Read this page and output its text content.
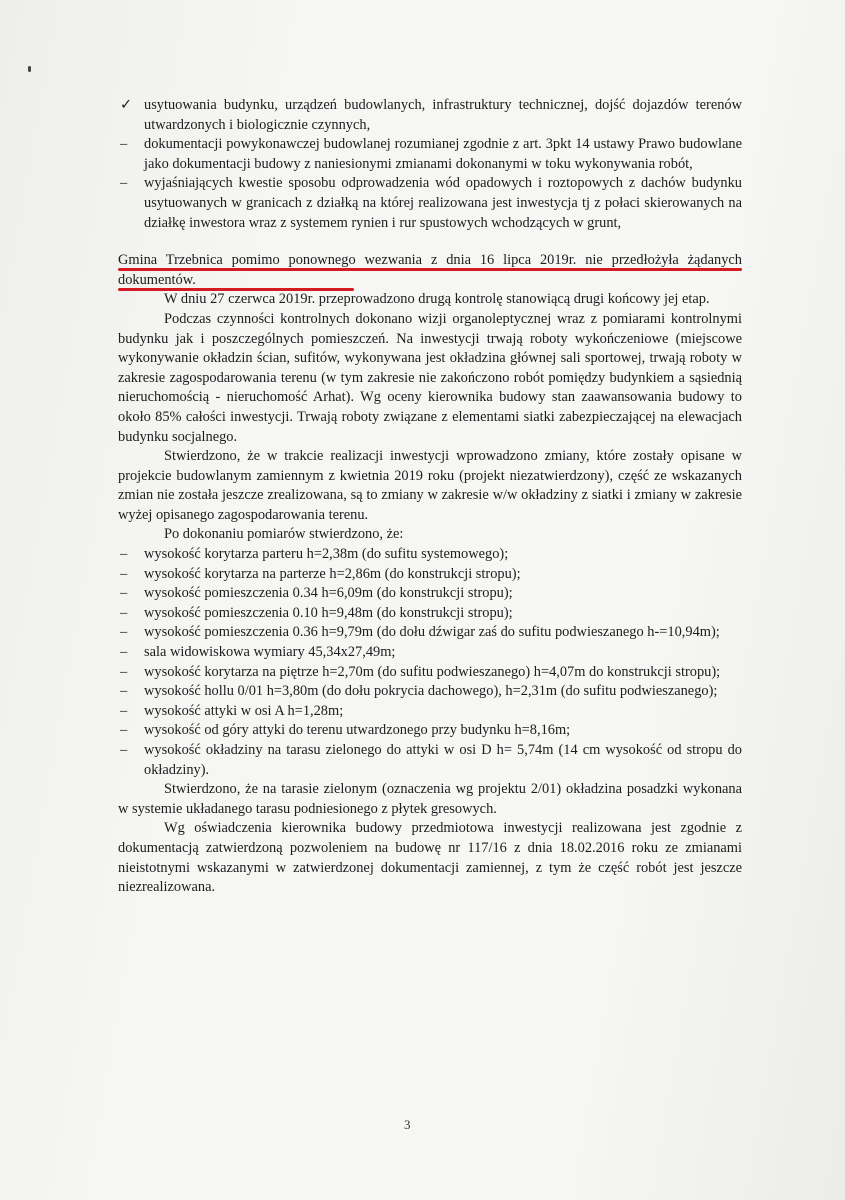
✓ usytuowania budynku, urządzeń budowlanych, infrastruktury technicznej, dojść dojazdów terenów utwardzonych i biologicznie czynnych,
– dokumentacji powykonawczej budowlanej rozumianej zgodnie z art. 3pkt 14 ustawy Prawo budowlane jako dokumentacji budowy z naniesionymi zmianami dokonanymi w toku wykonywania robót,
– wyjaśniających kwestie sposobu odprowadzenia wód opadowych i roztopowych z dachów budynku usytuowanych w granicach z działką na której realizowana jest inwestycja tj z połaci skierowanych na działkę inwestora wraz z systemem rynien i rur spustowych wchodzących w grunt,

Gmina Trzebnica pomimo ponownego wezwania z dnia 16 lipca 2019r. nie przedłożyła żądanych dokumentów.

W dniu 27 czerwca 2019r. przeprowadzono drugą kontrolę stanowiącą drugi końcowy jej etap.

Podczas czynności kontrolnych dokonano wizji organoleptycznej wraz z pomiarami kontrolnymi budynku jak i poszczególnych pomieszczeń. Na inwestycji trwają roboty wykończeniowe (miejscowe wykonywanie okładzin ścian, sufitów, wykonywana jest okładzina głównej sali sportowej, trwają roboty w zakresie zagospodarowania terenu (w tym zakresie nie zakończono robót pomiędzy budynkiem a sąsiednią nieruchomością - nieruchomość Arhat). Wg oceny kierownika budowy stan zaawansowania budowy to około 85% całości inwestycji. Trwają roboty związane z elementami siatki zabezpieczającej na elewacjach budynku socjalnego.

Stwierdzono, że w trakcie realizacji inwestycji wprowadzono zmiany, które zostały opisane w projekcie budowlanym zamiennym z kwietnia 2019 roku (projekt niezatwierdzony), część ze wskazanych zmian nie została jeszcze zrealizowana, są to zmiany w zakresie w/w okładziny z siatki i zmiany w zakresie wyżej opisanego zagospodarowania terenu.

Po dokonaniu pomiarów stwierdzono, że:

– wysokość korytarza parteru h=2,38m (do sufitu systemowego);
– wysokość korytarza na parterze h=2,86m (do konstrukcji stropu);
– wysokość pomieszczenia 0.34 h=6,09m (do konstrukcji stropu);
– wysokość pomieszczenia 0.10 h=9,48m (do konstrukcji stropu);
– wysokość pomieszczenia 0.36 h=9,79m (do dołu dźwigar zaś do sufitu podwieszanego h-=10,94m);
– sala widowiskowa wymiary 45,34x27,49m;
– wysokość korytarza na piętrze h=2,70m (do sufitu podwieszanego) h=4,07m do konstrukcji stropu);
– wysokość hollu 0/01 h=3,80m (do dołu pokrycia dachowego), h=2,31m (do sufitu podwieszanego);
– wysokość attyki w osi A h=1,28m;
– wysokość od góry attyki do terenu utwardzonego przy budynku h=8,16m;
– wysokość okładziny na tarasu zielonego do attyki w osi D h= 5,74m (14 cm wysokość od stropu do okładziny).

Stwierdzono, że na tarasie zielonym (oznaczenia wg projektu 2/01) okładzina posadzki wykonana w systemie układanego tarasu podniesionego z płytek gresowych.

Wg oświadczenia kierownika budowy przedmiotowa inwestycji realizowana jest zgodnie z dokumentacją zatwierdzoną pozwoleniem na budowę nr 117/16 z dnia 18.02.2016 roku ze zmianami nieistotnymi wskazanymi w zatwierdzonej dokumentacji zamiennej, z tym że część robót jest jeszcze niezrealizowana.

3
